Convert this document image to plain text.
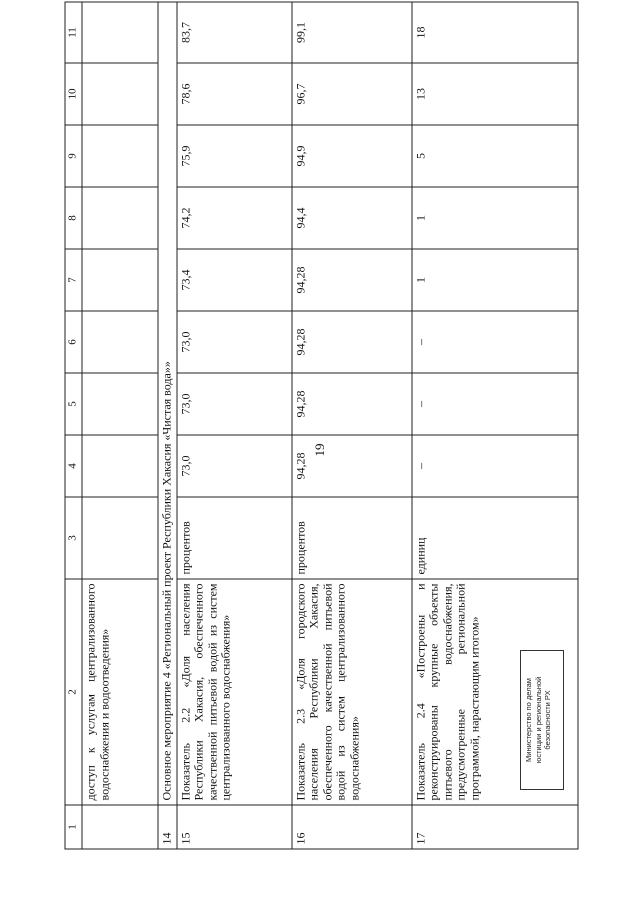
19
1	2	3	4	5	6	7	8	9	10	11
	доступ к услугам централизованного водоснабжения и водоотведения»									
14	Основное мероприятие 4 «Региональный проект Республики Хакасия «Чистая вода»»									
15	Показатель 2.2 «Доля населения Республики Хакасия, обеспеченного качественной питьевой водой из систем централизованного водоснабжения»	процентов	73,0	73,0	73,0	73,4	74,2	75,9	78,6	83,7
16	Показатель 2.3 «Доля городского населения Республики Хакасия, обеспеченного качественной питьевой водой из систем централизованного водоснабжения»	процентов	94,28	94,28	94,28	94,28	94,4	94,9	96,7	99,1
17	Показатель 2.4 «Построены и реконструированы крупные объекты питьевого водоснабжения, предусмотренные региональной программой, нарастающим итогом»	единиц	–	–	–	1	1	5	13	18
Министерство по делам юстиции и региональной безопасности РХ
